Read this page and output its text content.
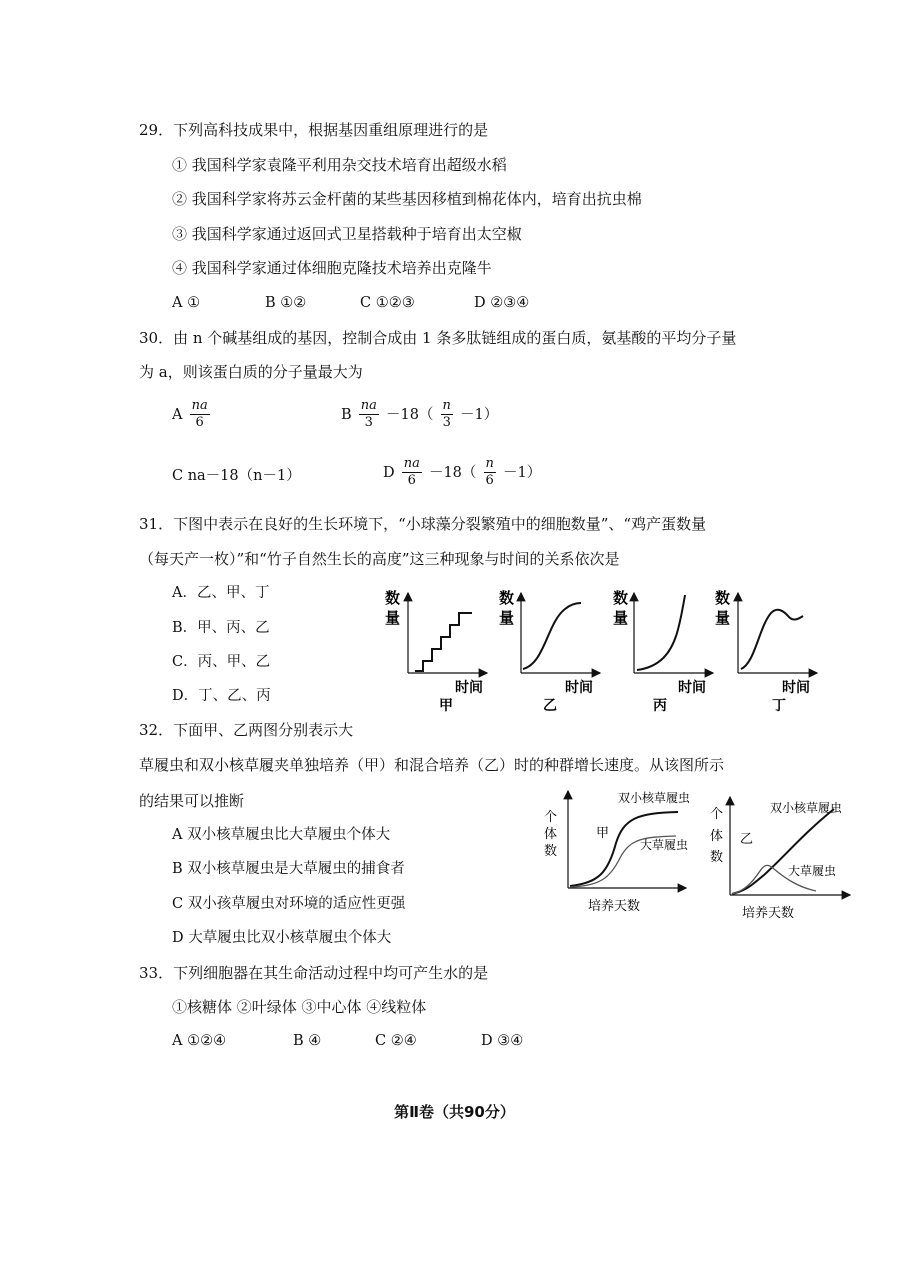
29．下列高科技成果中，根据基因重组原理进行的是
① 我国科学家袁隆平利用杂交技术培育出超级水稻
② 我国科学家将苏云金杆菌的某些基因移植到棉花体内，培育出抗虫棉
③ 我国科学家通过返回式卫星搭载种于培育出太空椒
④ 我国科学家通过体细胞克隆技术培养出克隆牛
A ①	B ①②	C ①②③	D ②③④
30．由 n 个碱基组成的基因，控制合成由 1 条多肽链组成的蛋白质，氨基酸的平均分子量
为 a，则该蛋白质的分子量最大为
A $\frac{na}{6}$	B $\frac{na}{3} -18( \frac{n}{3} -1)$
C na－18（n－1）	D $\frac{na}{6} -18( \frac{n}{6} -1)$
31．下图中表示在良好的生长环境下，“小球藻分裂繁殖中的细胞数量”、“鸡产蛋数量
（每天产一枚）”和“竹子自然生长的高度”这三种现象与时间的关系依次是
A．乙、甲、丁
B．甲、丙、乙
C．丙、甲、乙
D．丁、乙、丙
数
量
时间
甲
数
量
时间
乙
数
量
时间
丙
数
量
时间
丁
32．下面甲、乙两图分别表示大
草履虫和双小核草履夹单独培养（甲）和混合培养（乙）时的种群增长速度。从该图所示
的结果可以推断
A 双小核草履虫比大草履虫个体大
B 双小核草履虫是大草履虫的捕食者
C 双小孩草履虫对环境的适应性更强
D 大草履虫比双小核草履虫个体大
个
体
数
甲
双小核草履虫
大草履虫
培养天数
个
体
数
乙
双小核草履虫
大草履虫
培养天数
33．下列细胞器在其生命活动过程中均可产生水的是
①核糖体 ②叶绿体 ③中心体 ④线粒体
A ①②④	B ④	C ②④	D ③④
第Ⅱ卷（共90分）
